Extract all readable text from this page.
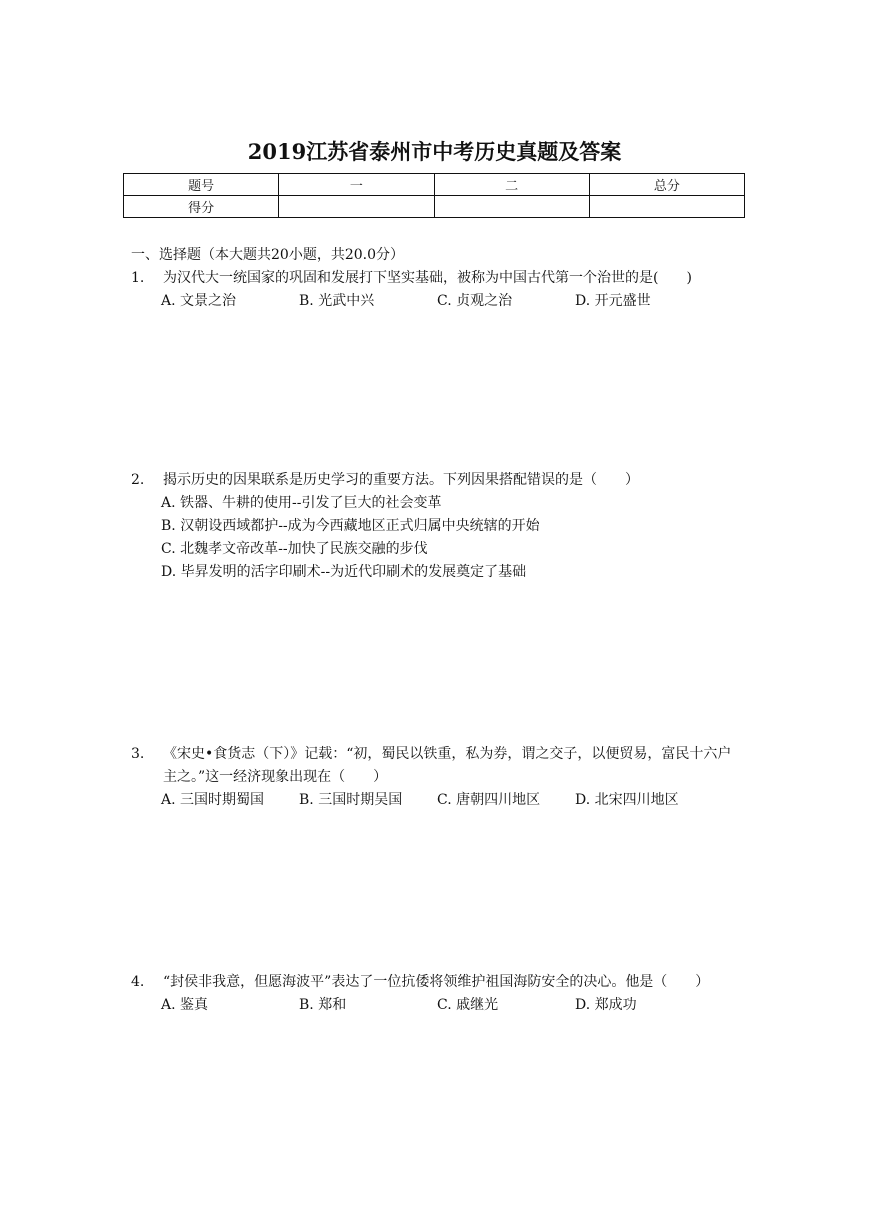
2019江苏省泰州市中考历史真题及答案
题号	一	二	总分
得分			
一、选择题（本大题共20小题，共20.0分）
1.	为汉代大一统国家的巩固和发展打下坚实基础，被称为中国古代第一个治世的是(　　)
A. 文景之治	B. 光武中兴	C. 贞观之治	D. 开元盛世
2.	揭示历史的因果联系是历史学习的重要方法。下列因果搭配错误的是（　　）
A. 铁器、牛耕的使用--引发了巨大的社会变革
B. 汉朝设西域都护--成为今西藏地区正式归属中央统辖的开始
C. 北魏孝文帝改革--加快了民族交融的步伐
D. 毕昇发明的活字印刷术--为近代印刷术的发展奠定了基础
3.	《宋史•食货志（下）》记载：“初，蜀民以铁重，私为券，谓之交子，以便贸易，富民十六户主之。”这一经济现象出现在（　　）
A. 三国时期蜀国	B. 三国时期吴国	C. 唐朝四川地区	D. 北宋四川地区
4.	“封侯非我意，但愿海波平”表达了一位抗倭将领维护祖国海防安全的决心。他是（　　）
A. 鉴真	B. 郑和	C. 戚继光	D. 郑成功
